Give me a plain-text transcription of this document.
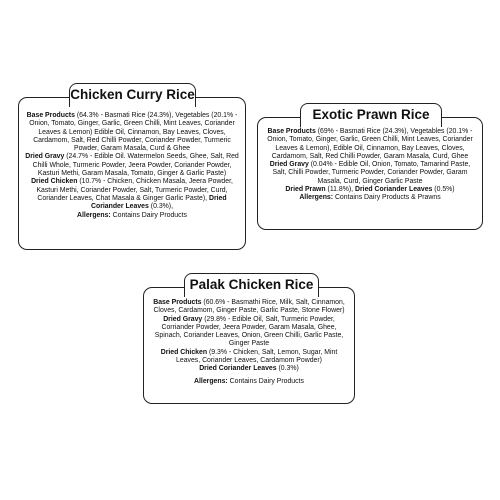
Chicken Curry Rice

Base Products (64.3% - Basmati Rice (24.3%), Vegetables (20.1% - Onion, Tomato, Ginger, Garlic, Green Chilli, Mint Leaves, Coriander Leaves & Lemon) Edible Oil, Cinnamon, Bay Leaves, Cloves, Cardamom, Salt, Red Chilli Powder, Coriander Powder, Turmeric Powder, Garam Masala, Curd & Ghee

Dried Gravy (24.7% - Edible Oil. Watermelon Seeds, Ghee, Salt, Red Chilli Whole, Turmeric Powder, Jeera Powder, Coriander Powder, Kasturi Methi, Garam Masala, Tomato, Ginger & Garlic Paste)

Dried Chicken (10.7% - Chicken, Chicken Masala, Jeera Powder, Kasturi Methi, Coriander Powder, Salt, Turmeric Powder, Curd, Coriander Leaves, Chat Masala & Ginger Garlic Paste), Dried Coriander Leaves (0.3%),

Allergens: Contains Dairy Products

Exotic Prawn Rice

Base Products (69% - Basmati Rice (24.3%), Vegetables (20.1% - Onion, Tomato, Ginger, Garlic, Green Chilli, Mint Leaves, Coriander Leaves & Lemon), Edible Oil, Cinnamon, Bay Leaves, Cloves, Cardamom, Salt, Red Chilli Powder, Garam Masala, Curd, Ghee

Dried Gravy (0.04% - Edible Oil, Onion, Tomato, Tamarind Paste, Salt, Chilli Powder, Turmeric Powder, Coriander Powder, Garam Masala, Curd, Ginger Garlic Paste

Dried Prawn (11.8%), Dried Coriander Leaves (0.5%)

Allergens: Contains Dairy Products & Prawns

Palak Chicken Rice

Base Products (60.6% - Basmathi Rice, Milk, Salt, Cinnamon, Cloves, Cardamom, Ginger Paste, Garlic Paste, Stone Flower)

Dried Gravy (29.8% - Edible Oil, Salt, Turmeric Powder, Corriander Powder, Jeera Powder, Garam Masala, Ghee, Spinach, Coriander Leaves, Onion, Green Chilli, Garlic Paste, Ginger Paste

Dried Chicken (9.3% - Chicken, Salt, Lemon, Sugar, Mint Leaves, Coriander Leaves, Cardamom Powder)

Dried Coriander Leaves (0.3%)

Allergens: Contains Dairy Products
